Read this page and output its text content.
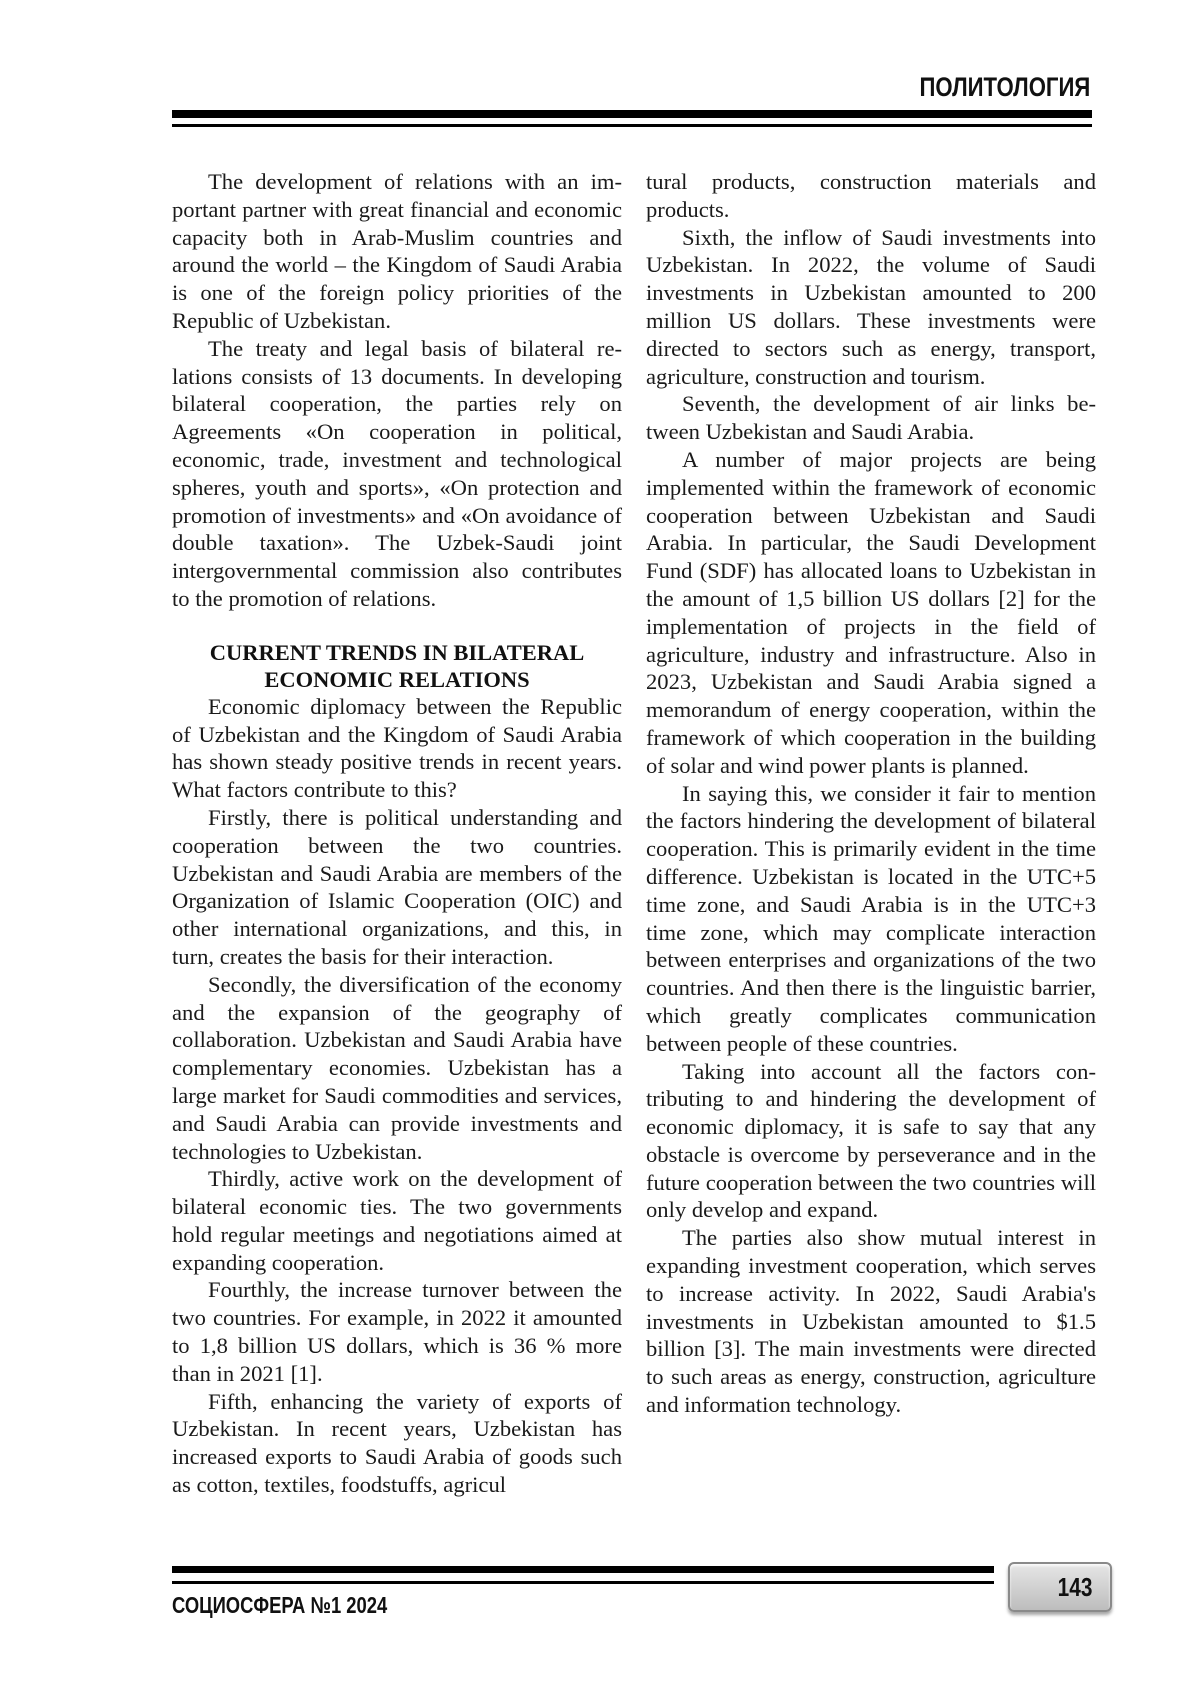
ПОЛИТОЛОГИЯ

The development of relations with an important partner with great financial and economic capacity both in Arab-Muslim countries and around the world – the Kingdom of Saudi Arabia is one of the foreign policy priorities of the Republic of Uzbekistan.

The treaty and legal basis of bilateral relations consists of 13 documents. In developing bilateral cooperation, the parties rely on Agreements «On cooperation in political, economic, trade, investment and technological spheres, youth and sports», «On protection and promotion of investments» and «On avoidance of double taxation». The Uzbek-Saudi joint intergovernmental commission also contributes to the promotion of relations.

CURRENT TRENDS IN BILATERAL
ECONOMIC RELATIONS

Economic diplomacy between the Republic of Uzbekistan and the Kingdom of Saudi Arabia has shown steady positive trends in recent years. What factors contribute to this?

Firstly, there is political understanding and cooperation between the two countries. Uzbekistan and Saudi Arabia are members of the Organization of Islamic Cooperation (OIC) and other international organizations, and this, in turn, creates the basis for their interaction.

Secondly, the diversification of the economy and the expansion of the geography of collaboration. Uzbekistan and Saudi Arabia have complementary economies. Uzbekistan has a large market for Saudi commodities and services, and Saudi Arabia can provide investments and technologies to Uzbekistan.

Thirdly, active work on the development of bilateral economic ties. The two governments hold regular meetings and negotiations aimed at expanding cooperation.

Fourthly, the increase turnover between the two countries. For example, in 2022 it amounted to 1,8 billion US dollars, which is 36 % more than in 2021 [1].

Fifth, enhancing the variety of exports of Uzbekistan. In recent years, Uzbekistan has increased exports to Saudi Arabia of goods such as cotton, textiles, foodstuffs, agricul

tural products, construction materials and products.

Sixth, the inflow of Saudi investments into Uzbekistan. In 2022, the volume of Saudi investments in Uzbekistan amounted to 200 million US dollars. These investments were directed to sectors such as energy, transport, agriculture, construction and tourism.

Seventh, the development of air links between Uzbekistan and Saudi Arabia.

A number of major projects are being implemented within the framework of economic cooperation between Uzbekistan and Saudi Arabia. In particular, the Saudi Development Fund (SDF) has allocated loans to Uzbekistan in the amount of 1,5 billion US dollars [2] for the implementation of projects in the field of agriculture, industry and infrastructure. Also in 2023, Uzbekistan and Saudi Arabia signed a memorandum of energy cooperation, within the framework of which cooperation in the building of solar and wind power plants is planned.

In saying this, we consider it fair to mention the factors hindering the development of bilateral cooperation. This is primarily evident in the time difference. Uzbekistan is located in the UTC+5 time zone, and Saudi Arabia is in the UTC+3 time zone, which may complicate interaction between enterprises and organizations of the two countries. And then there is the linguistic barrier, which greatly complicates communication between people of these countries.

Taking into account all the factors contributing to and hindering the development of economic diplomacy, it is safe to say that any obstacle is overcome by perseverance and in the future cooperation between the two countries will only develop and expand.

The parties also show mutual interest in expanding investment cooperation, which serves to increase activity. In 2022, Saudi Arabia's investments in Uzbekistan amounted to $1.5 billion [3]. The main investments were directed to such areas as energy, construction, agriculture and information technology.

СОЦИОСФЕРА №1 2024
143
